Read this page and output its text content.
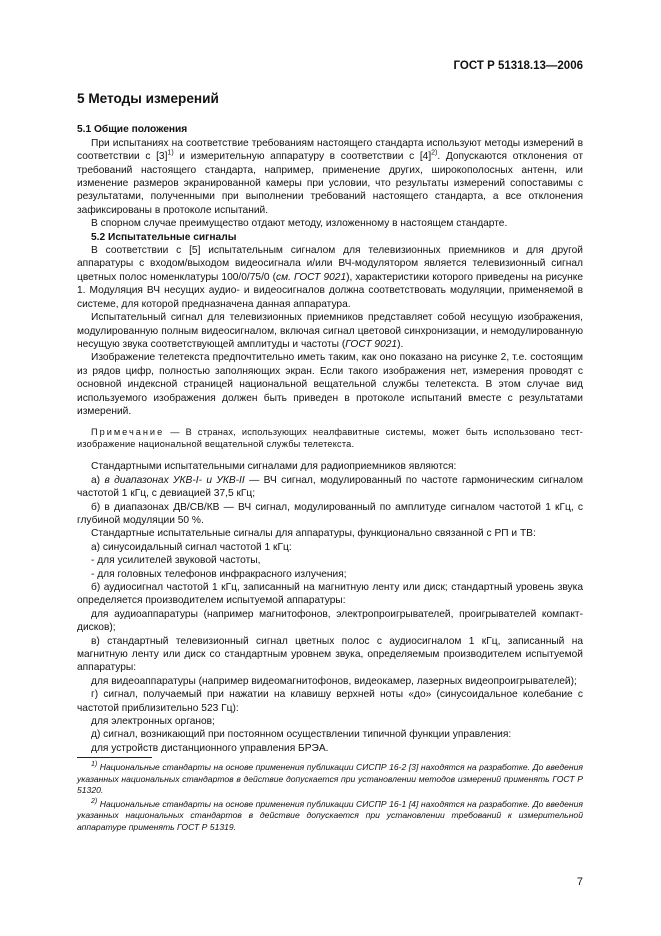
ГОСТ Р 51318.13—2006
5 Методы измерений
5.1 Общие положения

При испытаниях на соответствие требованиям настоящего стандарта используют методы измерений в соответствии с $[3]^{1)}$ и измерительную аппаратуру в соответствии с $[4]^{2)}$. Допускаются отклонения от требований настоящего стандарта, например, применение других, широкополосных антенн, или изменение размеров экранированной камеры при условии, что результаты измерений сопоставимы с результатами, полученными при выполнении требований настоящего стандарта, а все отклонения зафиксированы в протоколе испытаний.

В спорном случае преимущество отдают методу, изложенному в настоящем стандарте.

5.2 Испытательные сигналы

В соответствии с [5] испытательным сигналом для телевизионных приемников и для другой аппаратуры с входом/выходом видеосигнала и/или ВЧ-модулятором является телевизионный сигнал цветных полос номенклатуры 100/0/75/0 (см. ГОСТ 9021), характеристики которого приведены на рисунке 1. Модуляция ВЧ несущих аудио- и видеосигналов должна соответствовать модуляции, применяемой в системе, для которой предназначена данная аппаратура.

Испытательный сигнал для телевизионных приемников представляет собой несущую изображения, модулированную полным видеосигналом, включая сигнал цветовой синхронизации, и немодулированную несущую звука соответствующей амплитуды и частоты (ГОСТ 9021).

Изображение телетекста предпочтительно иметь таким, как оно показано на рисунке 2, т.е. состоящим из рядов цифр, полностью заполняющих экран. Если такого изображения нет, измерения проводят с основной индексной страницей национальной вещательной службы телетекста. В этом случае вид используемого изображения должен быть приведен в протоколе испытаний вместе с результатами измерений.

Примечание — В странах, использующих неалфавитные системы, может быть использовано тест-изображение национальной вещательной службы телетекста.

Стандартными испытательными сигналами для радиоприемников являются:

а) в диапазонах УКВ-I- и УКВ-II — ВЧ сигнал, модулированный по частоте гармоническим сигналом частотой 1 кГц, с девиацией 37,5 кГц;

б) в диапазонах ДВ/СВ/КВ — ВЧ сигнал, модулированный по амплитуде сигналом частотой 1 кГц, с глубиной модуляции 50 %.

Стандартные испытательные сигналы для аппаратуры, функционально связанной с РП и ТВ:

а) синусоидальный сигнал частотой 1 кГц:

- для усилителей звуковой частоты,

- для головных телефонов инфракрасного излучения;

б) аудиосигнал частотой 1 кГц, записанный на магнитную ленту или диск; стандартный уровень звука определяется производителем испытуемой аппаратуры:

для аудиоаппаратуры (например магнитофонов, электропроигрывателей, проигрывателей компакт-дисков);

в) стандартный телевизионный сигнал цветных полос с аудиосигналом 1 кГц, записанный на магнитную ленту или диск со стандартным уровнем звука, определяемым производителем испытуемой аппаратуры:

для видеоаппаратуры (например видеомагнитофонов, видеокамер, лазерных видеопроигрывателей);

г) сигнал, получаемый при нажатии на клавишу верхней ноты «до» (синусоидальное колебание с частотой приблизительно 523 Гц):

для электронных органов;

д) сигнал, возникающий при постоянном осуществлении типичной функции управления:

для устройств дистанционного управления БРЭА.

$^{1)}$ Национальные стандарты на основе применения публикации СИСПР 16-2 [3] находятся на разработке. До введения указанных национальных стандартов в действие допускается при установлении методов измерений применять ГОСТ Р 51320.

$^{2)}$ Национальные стандарты на основе применения публикации СИСПР 16-1 [4] находятся на разработке. До введения указанных национальных стандартов в действие допускается при установлении требований к измерительной аппаратуре применять ГОСТ Р 51319.

7
